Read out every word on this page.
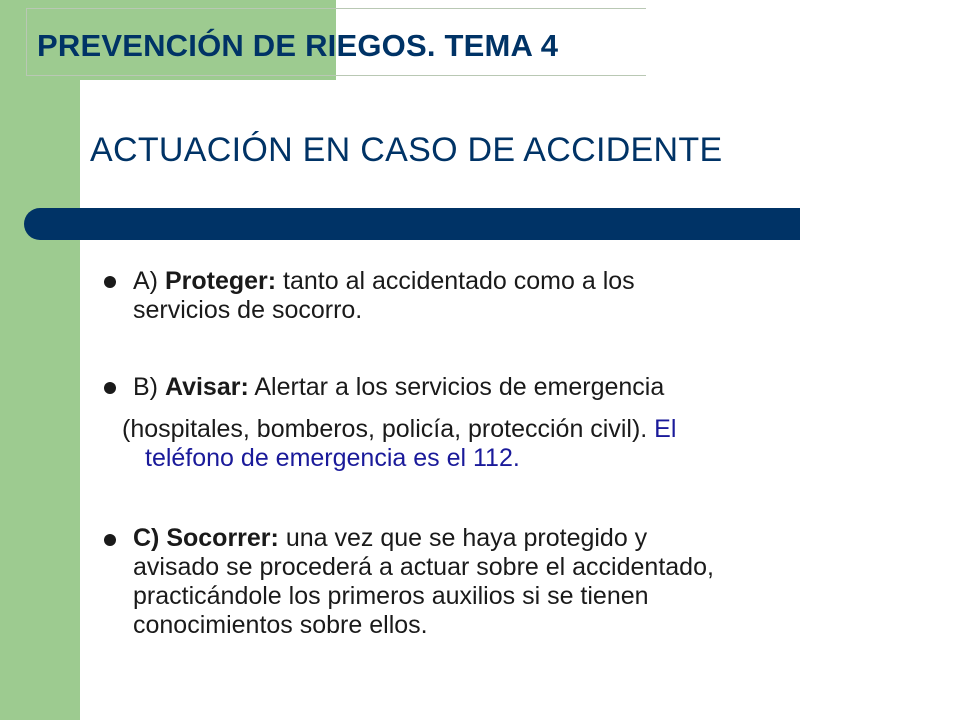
PREVENCIÓN DE RIEGOS. TEMA 4
ACTUACIÓN EN CASO DE ACCIDENTE
A) Proteger: tanto al accidentado como a los
servicios de socorro.
B) Avisar: Alertar a los servicios de emergencia
(hospitales, bomberos, policía, protección civil). El
teléfono de emergencia es el 112.
C) Socorrer: una vez que se haya protegido y
avisado se procederá a actuar sobre el accidentado,
practicándole los primeros auxilios si se tienen
conocimientos sobre ellos.
